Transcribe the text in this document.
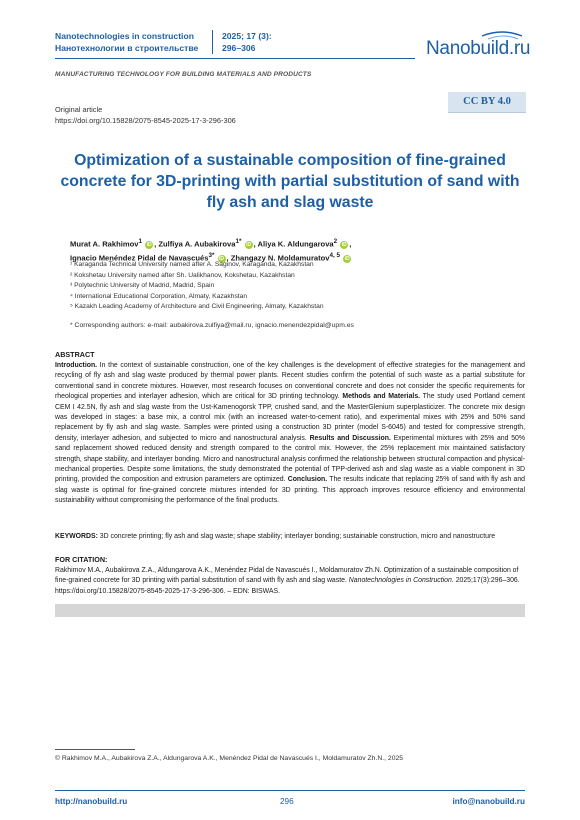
Nanotechnologies in construction
Нанотехнологии в строительстве
2025; 17 (3):
296–306	Nanobuild.ru
MANUFACTURING TECHNOLOGY FOR BUILDING MATERIALS AND PRODUCTS
CC BY 4.0
Original article
https://doi.org/10.15828/2075-8545-2025-17-3-296-306
Optimization of a sustainable composition of fine-grained concrete for 3D-printing with partial substitution of sand with fly ash and slag waste
Murat A. Rakhimov$^1$ iD , Zulfiya A. Aubakirova$^{1*}$ iD , Aliya K. Aldungarova$^2$ iD ,
Ignacio Menéndez Pidal de Navascués$^{3*}$ iD , Zhangazy N. Moldamuratov$^{4, 5}$ iD
¹ Karaganda Technical University named after A. Saginov, Karaganda, Kazakhstan
² Kokshetau University named after Sh. Ualikhanov, Kokshetau, Kazakhstan
³ Polytechnic University of Madrid, Madrid, Spain
⁴ International Educational Corporation, Almaty, Kazakhstan
⁵ Kazakh Leading Academy of Architecture and Civil Engineering, Almaty, Kazakhstan
* Corresponding authors: e-mail: aubakirova.zulfiya@mail.ru, ignacio.menendezpidal@upm.es
ABSTRACT
Introduction. In the context of sustainable construction, one of the key challenges is the development of effective strategies for the management and recycling of fly ash and slag waste produced by thermal power plants. Recent studies confirm the potential of such waste as a partial substitute for conventional sand in concrete mixtures. However, most research focuses on conventional concrete and does not consider the specific requirements for rheological properties and interlayer adhesion, which are critical for 3D printing technology. Methods and Materials. The study used Portland cement CEM I 42.5N, fly ash and slag waste from the Ust-Kamenogorsk TPP, crushed sand, and the MasterGlenium superplasticizer. The concrete mix design was developed in stages: a base mix, a control mix (with an increased water-to-cement ratio), and experimental mixes with 25% and 50% sand replacement by fly ash and slag waste. Samples were printed using a construction 3D printer (model S-6045) and tested for compressive strength, density, interlayer adhesion, and subjected to micro and nanostructural analysis. Results and Discussion. Experimental mixtures with 25% and 50% sand replacement showed reduced density and strength compared to the control mix. However, the 25% replacement mix maintained satisfactory strength, shape stability, and interlayer bonding. Micro and nanostructural analysis confirmed the relationship between structural compaction and physical-mechanical properties. Despite some limitations, the study demonstrated the potential of TPP-derived ash and slag waste as a viable component in 3D printing, provided the composition and extrusion parameters are optimized. Conclusion. The results indicate that replacing 25% of sand with fly ash and slag waste is optimal for fine-grained concrete mixtures intended for 3D printing. This approach improves resource efficiency and environmental sustainability without compromising the performance of the final products.
KEYWORDS: 3D concrete printing; fly ash and slag waste; shape stability; interlayer bonding; sustainable construction, micro and nanostructure
FOR CITATION:
Rakhimov M.A., Aubakirova Z.A., Aldungarova A.K., Menéndez Pidal de Navascués I., Moldamuratov Zh.N. Optimization of a sustainable composition of fine-grained concrete for 3D printing with partial substitution of sand with fly ash and slag waste. Nanotechnologies in Construction. 2025;17(3):296–306. https://doi.org/10.15828/2075-8545-2025-17-3-296-306. – EDN: BISWAS.
© Rakhimov M.A., Aubakirova Z.A., Aldungarova A.K., Menéndez Pidal de Navascués I., Moldamuratov Zh.N., 2025
http://nanobuild.ru	296	info@nanobuild.ru
